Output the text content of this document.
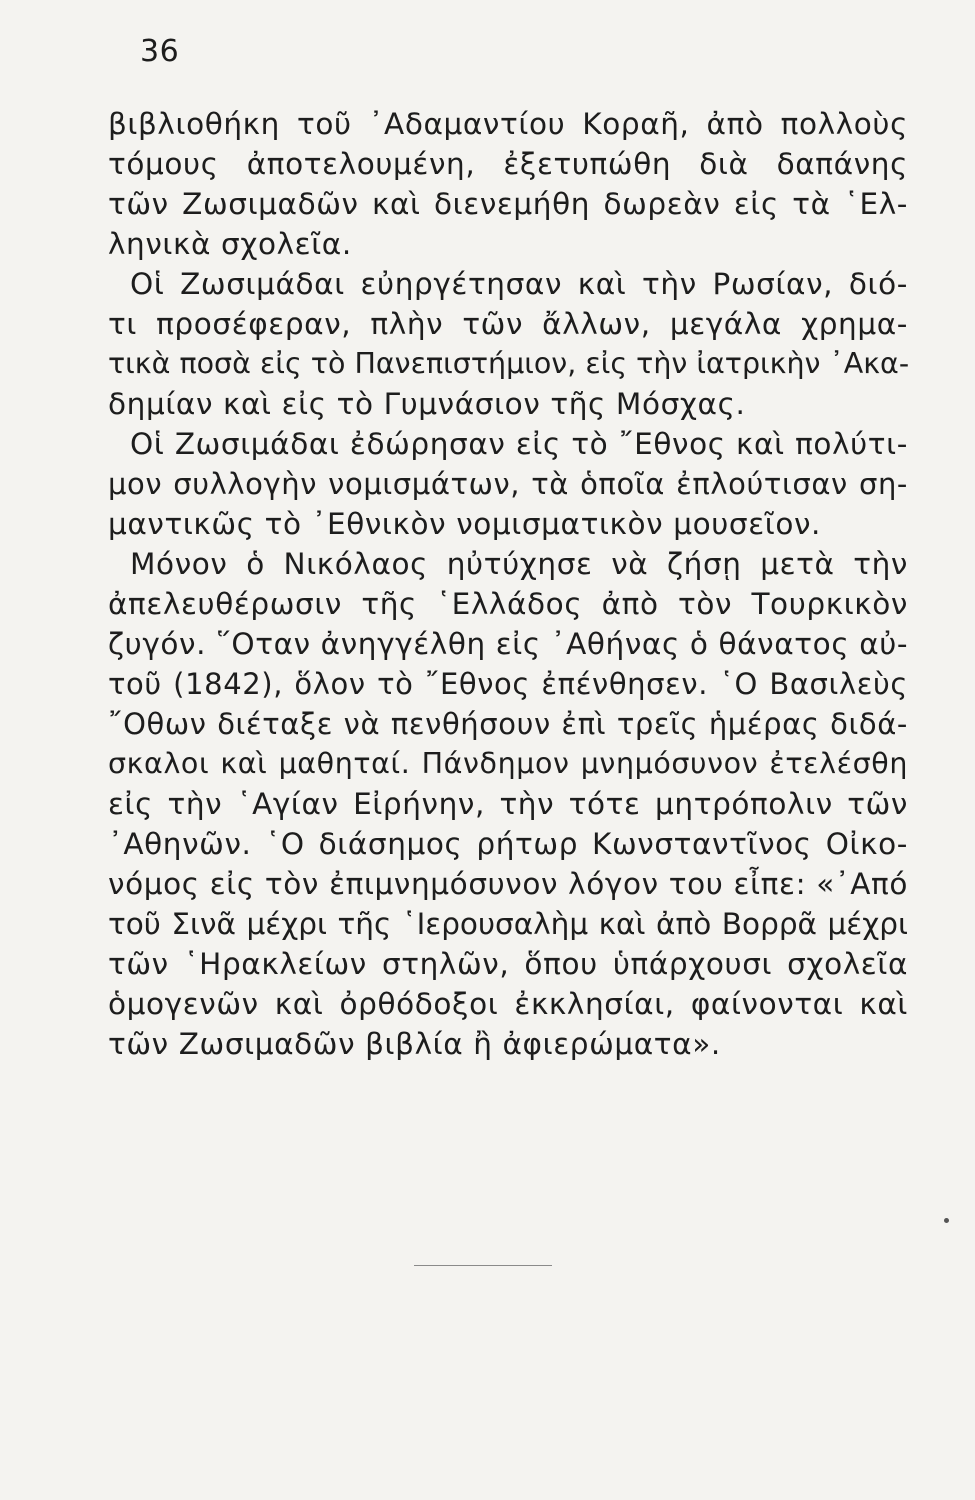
36
βιβλιοθήκη τοῦ ᾿Αδαμαντίου Κοραῆ, ἀπὸ πολλοὺς
τόμους ἀποτελουμένη, ἐξετυπώθη διὰ δαπάνης
τῶν Ζωσιμαδῶν καὶ διενεμήθη δωρεὰν εἰς τὰ ῾Ελ-
ληνικὰ σχολεῖα.
Οἱ Ζωσιμάδαι εὐηργέτησαν καὶ τὴν Ρωσίαν, διό-
τι προσέφεραν, πλὴν τῶν ἄλλων, μεγάλα χρημα-
τικὰ ποσὰ εἰς τὸ Πανεπιστήμιον, εἰς τὴν ἰατρικὴν ᾿Ακα-
δημίαν καὶ εἰς τὸ Γυμνάσιον τῆς Μόσχας.
Οἱ Ζωσιμάδαι ἐδώρησαν εἰς τὸ ῎Εθνος καὶ πολύτι-
μον συλλογὴν νομισμάτων, τὰ ὁποῖα ἐπλούτισαν ση-
μαντικῶς τὸ ᾿Εθνικὸν νομισματικὸν μουσεῖον.
Μόνον ὁ Νικόλαος ηὐτύχησε νὰ ζήσῃ μετὰ τὴν
ἀπελευθέρωσιν τῆς ῾Ελλάδος ἀπὸ τὸν Τουρκικὸν
ζυγόν. ῞Οταν ἀνηγγέλθη εἰς ᾿Αθήνας ὁ θάνατος αὐ-
τοῦ (1842), ὅλον τὸ ῎Εθνος ἐπένθησεν. ῾Ο Βασιλεὺς
῎Οθων διέταξε νὰ πενθήσουν ἐπὶ τρεῖς ἡμέρας διδά-
σκαλοι καὶ μαθηταί. Πάνδημον μνημόσυνον ἐτελέσθη
εἰς τὴν ῾Αγίαν Εἰρήνην, τὴν τότε μητρόπολιν τῶν
᾿Αθηνῶν. ῾Ο διάσημος ρήτωρ Κωνσταντῖνος Οἰκο-
νόμος εἰς τὸν ἐπιμνημόσυνον λόγον του εἶπε: «᾿Από
τοῦ Σινᾶ μέχρι τῆς ῾Ιερουσαλὴμ καὶ ἀπὸ Βορρᾶ μέχρι
τῶν ῾Ηρακλείων στηλῶν, ὅπου ὑπάρχουσι σχολεῖα
ὁμογενῶν καὶ ὀρθόδοξοι ἐκκλησίαι, φαίνονται καὶ
τῶν Ζωσιμαδῶν βιβλία ἢ ἀφιερώματα».
